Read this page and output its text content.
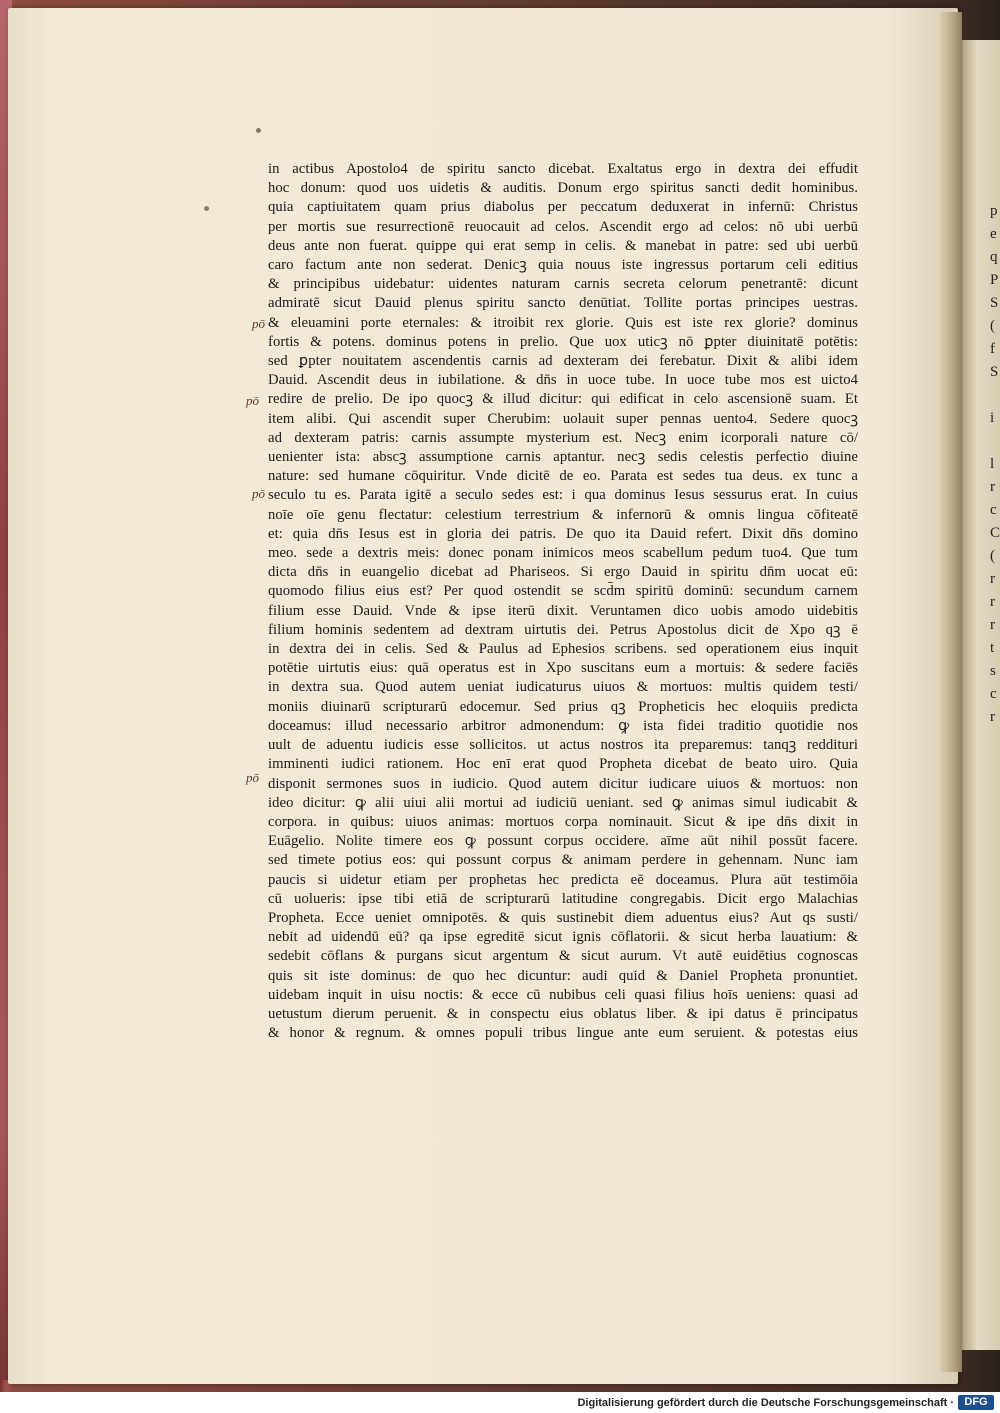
p
e
q
P
S
(
f
S

i

l
r
c
C
(
r
r
r
t
s
c
r
pō
pō
pō
pō
in actibus Apostolo4 de spiritu sancto dicebat. Exaltatus ergo in dextra dei effudit
hoc donum: quod uos uidetis & auditis. Donum ergo spiritus sancti dedit hominibus.
quia captiuitatem quam prius diabolus per peccatum deduxerat in infernū: Christus
per mortis sue resurrectionē reuocauit ad celos. Ascendit ergo ad celos: nō ubi uerbū
deus ante non fuerat. quippe qui erat semp in celis. & manebat in patre: sed ubi uerbū
caro factum ante non sederat. Denicꝫ quia nouus iste ingressus portarum celi editius
& principibus uidebatur: uidentes naturam carnis secreta celorum penetrantē: dicunt
admiratē sicut Dauid plenus spiritu sancto denūtiat. Tollite portas principes uestras.
& eleuamini porte eternales: & itroibit rex glorie. Quis est iste rex glorie? dominus
fortis & potens. dominus potens in prelio. Que uox uticꝫ nō ꝑpter diuinitatē potētis:
sed ꝑpter nouitatem ascendentis carnis ad dexteram dei ferebatur. Dixit & alibi idem
Dauid. Ascendit deus in iubilatione. & dn̄s in uoce tube. In uoce tube mos est uicto4
redire de prelio. De ipo quocꝫ & illud dicitur: qui edificat in celo ascensionē suam. Et
item alibi. Qui ascendit super Cherubim: uolauit super pennas uento4. Sedere quocꝫ
ad dexteram patris: carnis assumpte mysterium est. Necꝫ enim icorporali nature cō/
uenienter ista: abscꝫ assumptione carnis aptantur. necꝫ sedis celestis perfectio diuine
nature: sed humane cōquiritur. Vnde dicitē de eo. Parata est sedes tua deus. ex tunc a
seculo tu es. Parata igitē a seculo sedes est: i qua dominus Iesus sessurus erat. In cuius
noīe oīe genu flectatur: celestium terrestrium & infernorū & omnis lingua cōfiteatē
et: quia dn̄s Iesus est in gloria dei patris. De quo ita Dauid refert. Dixit dn̄s domino
meo. sede a dextris meis: donec ponam inimicos meos scabellum pedum tuo4. Que tum
dicta dn̄s in euangelio dicebat ad Phariseos. Si ergo Dauid in spiritu dn̄m uocat eū:
quomodo filius eius est? Per quod ostendit se scd̄m spiritū dominū: secundum carnem
filium esse Dauid. Vnde & ipse iterū dixit. Veruntamen dico uobis amodo uidebitis
filium hominis sedentem ad dextram uirtutis dei. Petrus Apostolus dicit de Xpo qꝫ ē
in dextra dei in celis. Sed & Paulus ad Ephesios scribens. sed operationem eius inquit
potētie uirtutis eius: quā operatus est in Xpo suscitans eum a mortuis: & sedere faciēs
in dextra sua. Quod autem ueniat iudicaturus uiuos & mortuos: multis quidem testi/
moniis diuinarū scripturarū edocemur. Sed prius qꝫ Propheticis hec eloquiis predicta
doceamus: illud necessario arbitror admonendum: ꝙ ista fidei traditio quotidie nos
uult de aduentu iudicis esse sollicitos. ut actus nostros ita preparemus: tanqꝫ reddituri
imminenti iudici rationem. Hoc enī erat quod Propheta dicebat de beato uiro. Quia
disponit sermones suos in iudicio. Quod autem dicitur iudicare uiuos & mortuos: non
ideo dicitur: ꝙ alii uiui alii mortui ad iudiciū ueniant. sed ꝙ animas simul iudicabit &
corpora. in quibus: uiuos animas: mortuos corpa nominauit. Sicut & ipe dn̄s dixit in
Euāgelio. Nolite timere eos ꝙ possunt corpus occidere. aīme aūt nihil possūt facere.
sed timete potius eos: qui possunt corpus & animam perdere in gehennam. Nunc iam
paucis si uidetur etiam per prophetas hec predicta eē doceamus. Plura aūt testimōia
cū uolueris: ipse tibi etiā de scripturarū latitudine congregabis. Dicit ergo Malachias
Propheta. Ecce ueniet omnipotēs. & quis sustinebit diem aduentus eius? Aut qs susti/
nebit ad uidendū eū? qa ipse egreditē sicut ignis cōflatorii. & sicut herba lauatium: &
sedebit cōflans & purgans sicut argentum & sicut aurum. Vt autē euidētius cognoscas
quis sit iste dominus: de quo hec dicuntur: audi quid & Daniel Propheta pronuntiet.
uidebam inquit in uisu noctis: & ecce cū nubibus celi quasi filius hoīs ueniens: quasi ad
uetustum dierum peruenit. & in conspectu eius oblatus liber. & ipi datus ē principatus
& honor & regnum. & omnes populi tribus lingue ante eum seruient. & potestas eius
Digitalisierung gefördert durch die Deutsche Forschungsgemeinschaft · DFG
